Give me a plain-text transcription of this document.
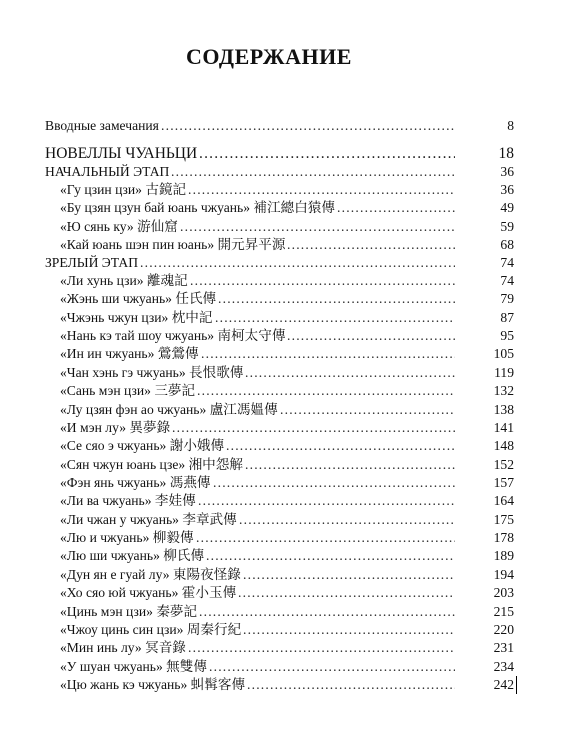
СОДЕРЖАНИЕ
.....
Вводные замечания	8
.....
НОВЕЛЛЫ ЧУАНЬЦИ	18
.....
НАЧАЛЬНЫЙ ЭТАП	36
.....
«Гу цзин цзи» 古鏡記	36
.....
«Бу цзян цзун бай юань чжуань» 補江總白猿傳	49
.....
«Ю сянь ку» 游仙窟	59
.....
«Кай юань шэн пин юань» 開元昇平源	68
.....
ЗРЕЛЫЙ ЭТАП	74
.....
«Ли хунь цзи» 離魂記	74
.....
«Жэнь ши чжуань» 任氏傳	79
.....
«Чжэнь чжун цзи» 枕中記	87
.....
«Нань кэ тай шоу чжуань» 南柯太守傳	95
.....
«Ин ин чжуань» 鶯鶯傳	105
.....
«Чан хэнь гэ чжуань» 長恨歌傳	119
.....
«Сань мэн цзи» 三夢記	132
.....
«Лу цзян фэн ао чжуань» 盧江馮媼傳	138
.....
«И мэн лу» 異夢錄	141
.....
«Се сяо э чжуань» 謝小娥傳	148
.....
«Сян чжун юань цзе» 湘中怨解	152
.....
«Фэн янь чжуань» 馮燕傳	157
.....
«Ли ва чжуань» 李娃傳	164
.....
«Ли чжан у чжуань» 李章武傳	175
.....
«Лю и чжуань» 柳毅傳	178
.....
«Лю ши чжуань» 柳氏傳	189
.....
«Дун ян е гуай лу» 東陽夜怪錄	194
.....
«Хо сяо юй чжуань» 霍小玉傳	203
.....
«Цинь мэн цзи» 秦夢記	215
.....
«Чжоу цинь син цзи» 周秦行紀	220
.....
«Мин инь лу» 冥音錄	231
.....
«У шуан чжуань» 無雙傳	234
.....
«Цю жань кэ чжуань» 虯髯客傳	242
